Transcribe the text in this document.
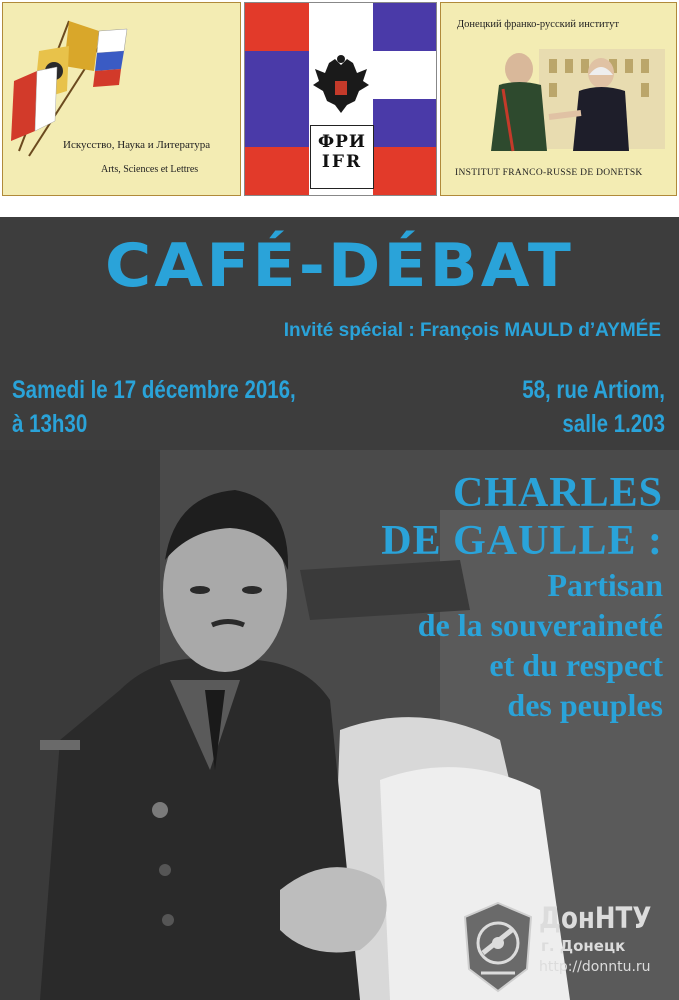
Искусство, Наука и Литература
Arts, Sciences et Lettres
ФРИ
IFR
Донецкий франко-русский институт
INSTITUT FRANCO-RUSSE DE DONETSK
CAFÉ-DÉBAT
Invité spécial : François MAULD d’AYMÉE
Samedi le 17 décembre 2016,
à 13h30
58, rue Artiom,
salle 1.203
CHARLES
DE GAULLE :
Partisan
de la souveraineté
et du respect
des peuples
ДонНТУ
г. Донецк
http://donntu.ru
